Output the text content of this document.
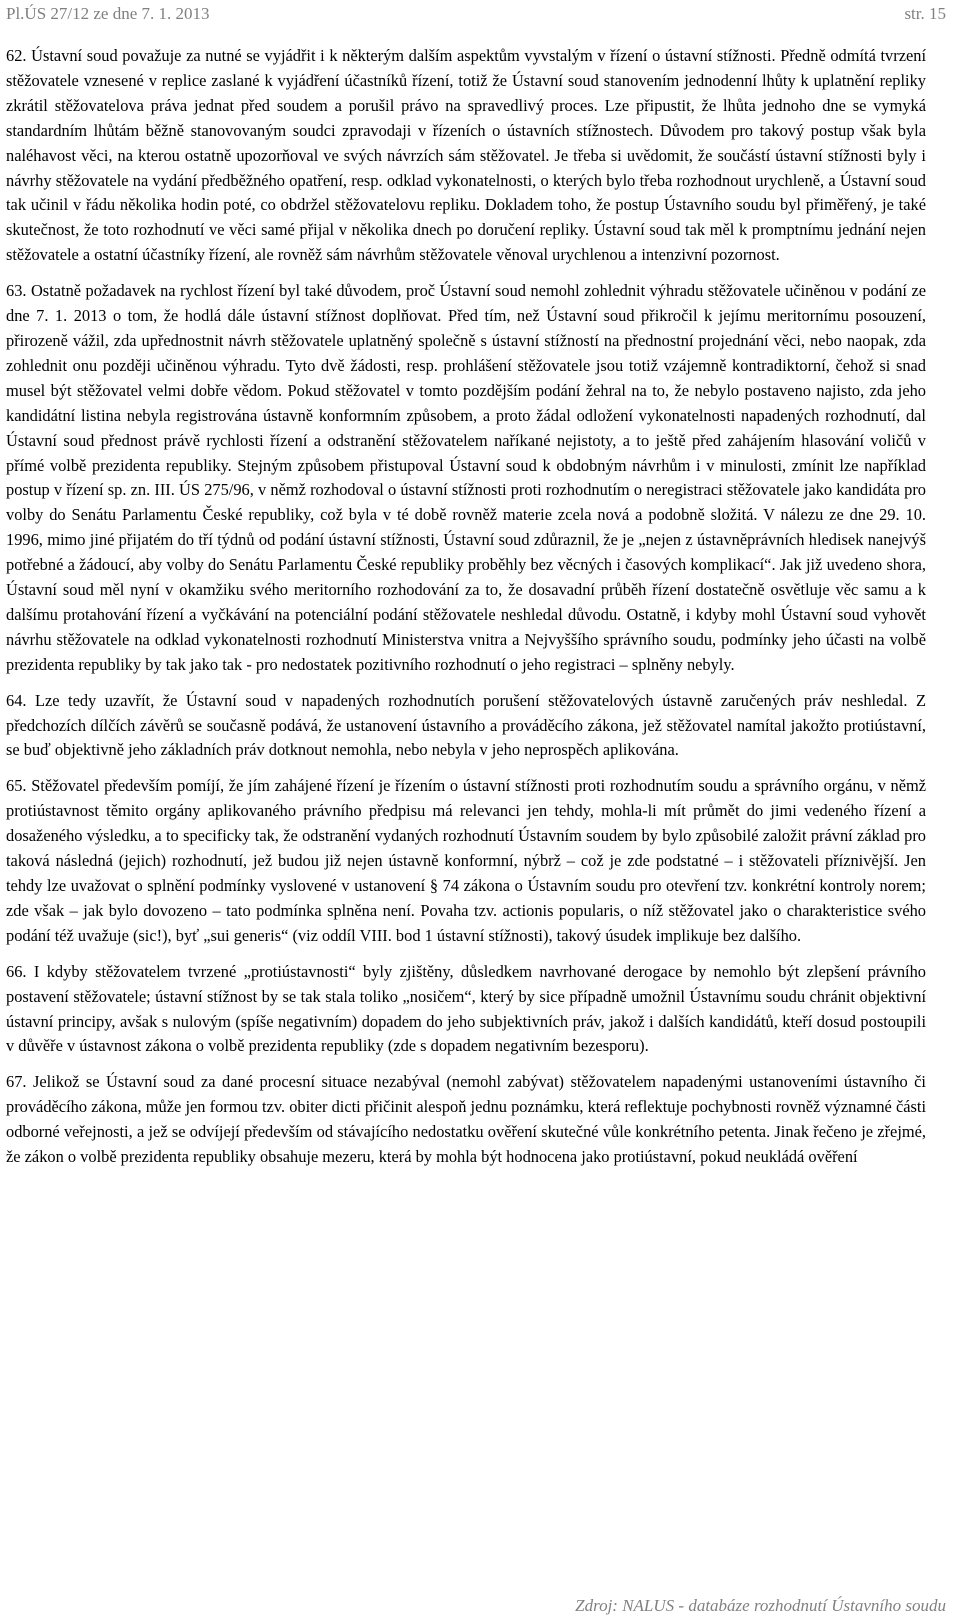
Pl.ÚS 27/12 ze dne 7. 1. 2013	str. 15

62. Ústavní soud považuje za nutné se vyjádřit i k některým dalším aspektům vyvstalým v řízení o ústavní stížnosti. Předně odmítá tvrzení stěžovatele vznesené v replice zaslané k vyjádření účastníků řízení, totiž že Ústavní soud stanovením jednodenní lhůty k uplatnění repliky zkrátil stěžovatelova práva jednat před soudem a porušil právo na spravedlivý proces. Lze připustit, že lhůta jednoho dne se vymyká standardním lhůtám běžně stanovovaným soudci zpravodaji v řízeních o ústavních stížnostech. Důvodem pro takový postup však byla naléhavost věci, na kterou ostatně upozorňoval ve svých návrzích sám stěžovatel. Je třeba si uvědomit, že součástí ústavní stížnosti byly i návrhy stěžovatele na vydání předběžného opatření, resp. odklad vykonatelnosti, o kterých bylo třeba rozhodnout urychleně, a Ústavní soud tak učinil v řádu několika hodin poté, co obdržel stěžovatelovu repliku. Dokladem toho, že postup Ústavního soudu byl přiměřený, je také skutečnost, že toto rozhodnutí ve věci samé přijal v několika dnech po doručení repliky. Ústavní soud tak měl k promptnímu jednání nejen stěžovatele a ostatní účastníky řízení, ale rovněž sám návrhům stěžovatele věnoval urychlenou a intenzivní pozornost.

63. Ostatně požadavek na rychlost řízení byl také důvodem, proč Ústavní soud nemohl zohlednit výhradu stěžovatele učiněnou v podání ze dne 7. 1. 2013 o tom, že hodlá dále ústavní stížnost doplňovat. Před tím, než Ústavní soud přikročil k jejímu meritornímu posouzení, přirozeně vážil, zda upřednostnit návrh stěžovatele uplatněný společně s ústavní stížností na přednostní projednání věci, nebo naopak, zda zohlednit onu později učiněnou výhradu. Tyto dvě žádosti, resp. prohlášení stěžovatele jsou totiž vzájemně kontradiktorní, čehož si snad musel být stěžovatel velmi dobře vědom. Pokud stěžovatel v tomto pozdějším podání žehral na to, že nebylo postaveno najisto, zda jeho kandidátní listina nebyla registrována ústavně konformním způsobem, a proto žádal odložení vykonatelnosti napadených rozhodnutí, dal Ústavní soud přednost právě rychlosti řízení a odstranění stěžovatelem naříkané nejistoty, a to ještě před zahájením hlasování voličů v přímé volbě prezidenta republiky. Stejným způsobem přistupoval Ústavní soud k obdobným návrhům i v minulosti, zmínit lze například postup v řízení sp. zn. III. ÚS 275/96, v němž rozhodoval o ústavní stížnosti proti rozhodnutím o neregistraci stěžovatele jako kandidáta pro volby do Senátu Parlamentu České republiky, což byla v té době rovněž materie zcela nová a podobně složitá. V nálezu ze dne 29. 10. 1996, mimo jiné přijatém do tří týdnů od podání ústavní stížnosti, Ústavní soud zdůraznil, že je „nejen z ústavněprávních hledisek nanejvýš potřebné a žádoucí, aby volby do Senátu Parlamentu České republiky proběhly bez věcných i časových komplikací“. Jak již uvedeno shora, Ústavní soud měl nyní v okamžiku svého meritorního rozhodování za to, že dosavadní průběh řízení dostatečně osvětluje věc samu a k dalšímu protahování řízení a vyčkávání na potenciální podání stěžovatele neshledal důvodu. Ostatně, i kdyby mohl Ústavní soud vyhovět návrhu stěžovatele na odklad vykonatelnosti rozhodnutí Ministerstva vnitra a Nejvyššího správního soudu, podmínky jeho účasti na volbě prezidenta republiky by tak jako tak - pro nedostatek pozitivního rozhodnutí o jeho registraci – splněny nebyly.

64. Lze tedy uzavřít, že Ústavní soud v napadených rozhodnutích porušení stěžovatelových ústavně zaručených práv neshledal. Z předchozích dílčích závěrů se současně podává, že ustanovení ústavního a prováděcího zákona, jež stěžovatel namítal jakožto protiústavní, se buď objektivně jeho základních práv dotknout nemohla, nebo nebyla v jeho neprospěch aplikována.

65. Stěžovatel především pomíjí, že jím zahájené řízení je řízením o ústavní stížnosti proti rozhodnutím soudu a správního orgánu, v němž protiústavnost těmito orgány aplikovaného právního předpisu má relevanci jen tehdy, mohla-li mít průmět do jimi vedeného řízení a dosaženého výsledku, a to specificky tak, že odstranění vydaných rozhodnutí Ústavním soudem by bylo způsobilé založit právní základ pro taková následná (jejich) rozhodnutí, jež budou již nejen ústavně konformní, nýbrž – což je zde podstatné – i stěžovateli příznivější. Jen tehdy lze uvažovat o splnění podmínky vyslovené v ustanovení § 74 zákona o Ústavním soudu pro otevření tzv. konkrétní kontroly norem; zde však – jak bylo dovozeno – tato podmínka splněna není. Povaha tzv. actionis popularis, o níž stěžovatel jako o charakteristice svého podání též uvažuje (sic!), byť „sui generis“ (viz oddíl VIII. bod 1 ústavní stížnosti), takový úsudek implikuje bez dalšího.

66. I kdyby stěžovatelem tvrzené „protiústavnosti“ byly zjištěny, důsledkem navrhované derogace by nemohlo být zlepšení právního postavení stěžovatele; ústavní stížnost by se tak stala toliko „nosičem“, který by sice případně umožnil Ústavnímu soudu chránit objektivní ústavní principy, avšak s nulovým (spíše negativním) dopadem do jeho subjektivních práv, jakož i dalších kandidátů, kteří dosud postoupili v důvěře v ústavnost zákona o volbě prezidenta republiky (zde s dopadem negativním bezesporu).

67. Jelikož se Ústavní soud za dané procesní situace nezabýval (nemohl zabývat) stěžovatelem napadenými ustanoveními ústavního či prováděcího zákona, může jen formou tzv. obiter dicti přičinit alespoň jednu poznámku, která reflektuje pochybnosti rovněž významné části odborné veřejnosti, a jež se odvíjejí především od stávajícího nedostatku ověření skutečné vůle konkrétního petenta. Jinak řečeno je zřejmé, že zákon o volbě prezidenta republiky obsahuje mezeru, která by mohla být hodnocena jako protiústavní, pokud neukládá ověření

Zdroj: NALUS - databáze rozhodnutí Ústavního soudu
